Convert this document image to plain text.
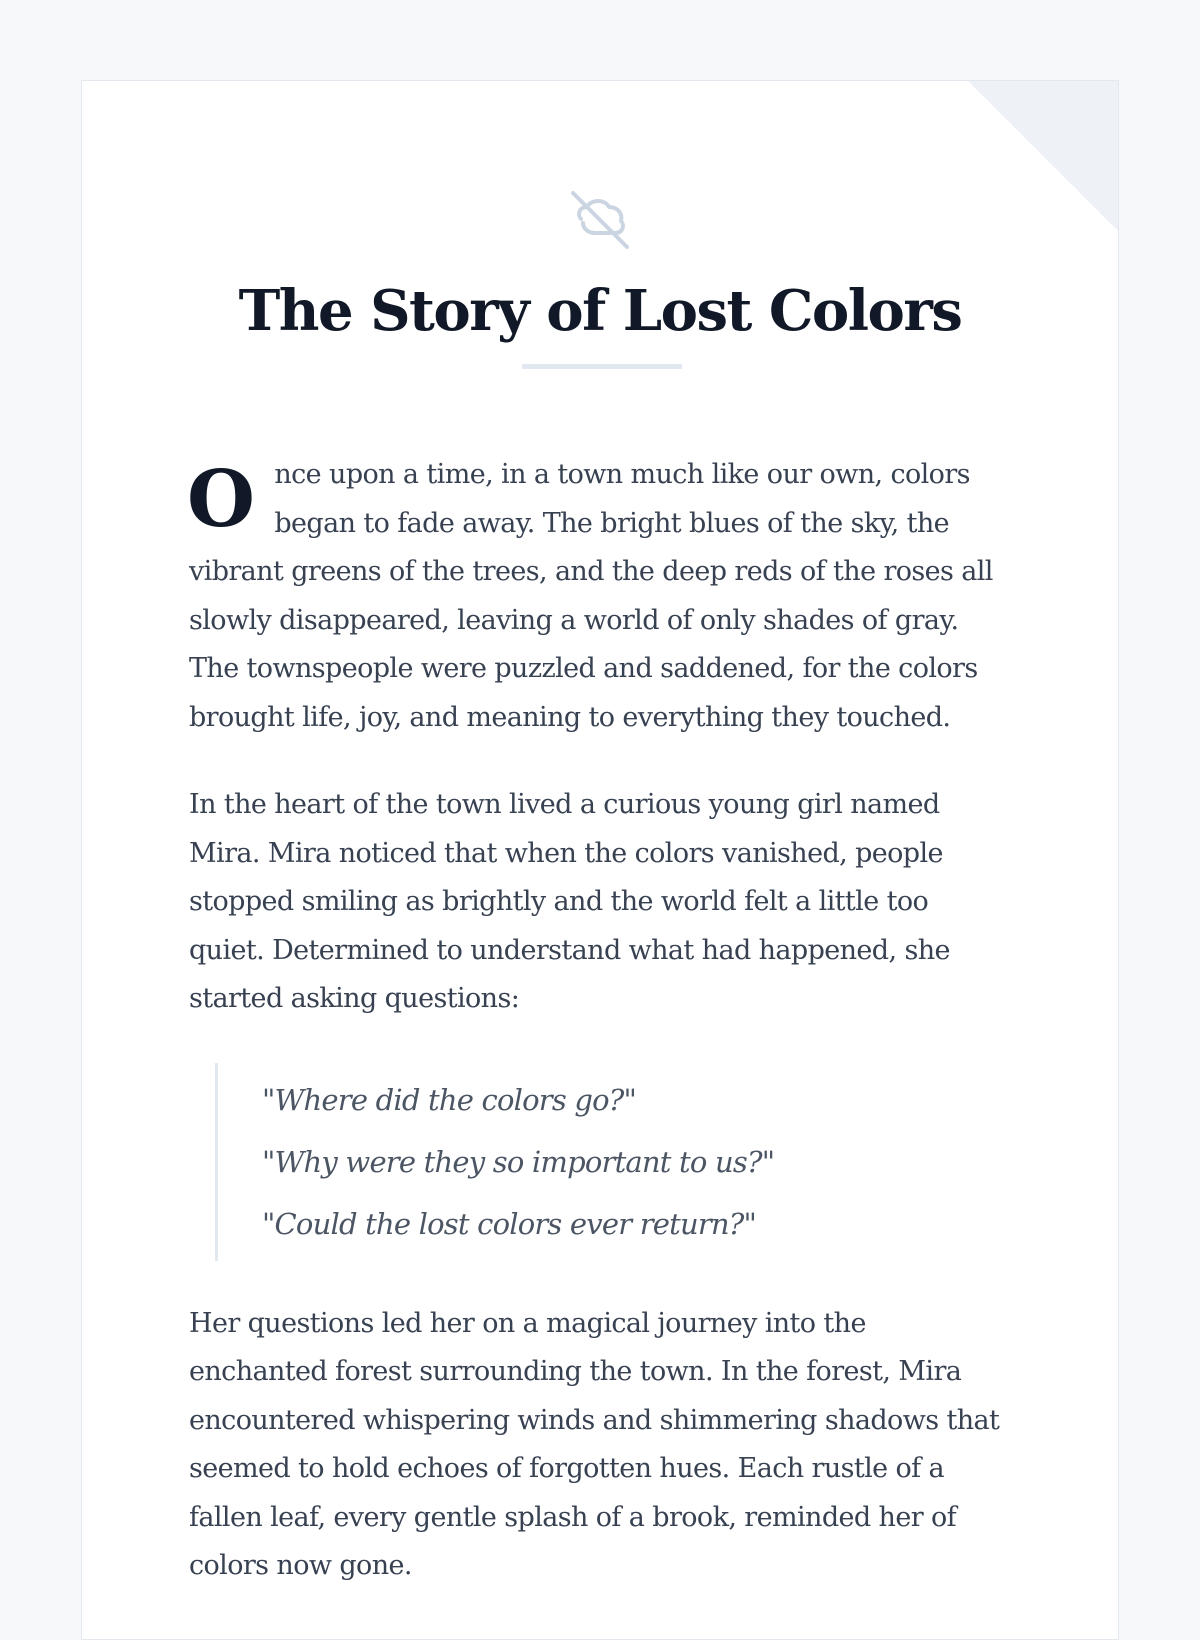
The Story of Lost Colors

Once upon a time, in a town much like our own, colors began to fade away. The bright blues of the sky, the vibrant greens of the trees, and the deep reds of the roses all slowly disappeared, leaving a world of only shades of gray. The townspeople were puzzled and saddened, for the colors brought life, joy, and meaning to everything they touched.

In the heart of the town lived a curious young girl named Mira. Mira noticed that when the colors vanished, people stopped smiling as brightly and the world felt a little too quiet. Determined to understand what had happened, she started asking questions:

"Where did the colors go?"
"Why were they so important to us?"
"Could the lost colors ever return?"

Her questions led her on a magical journey into the enchanted forest surrounding the town. In the forest, Mira encountered whispering winds and shimmering shadows that seemed to hold echoes of forgotten hues. Each rustle of a fallen leaf, every gentle splash of a brook, reminded her of colors now gone.
